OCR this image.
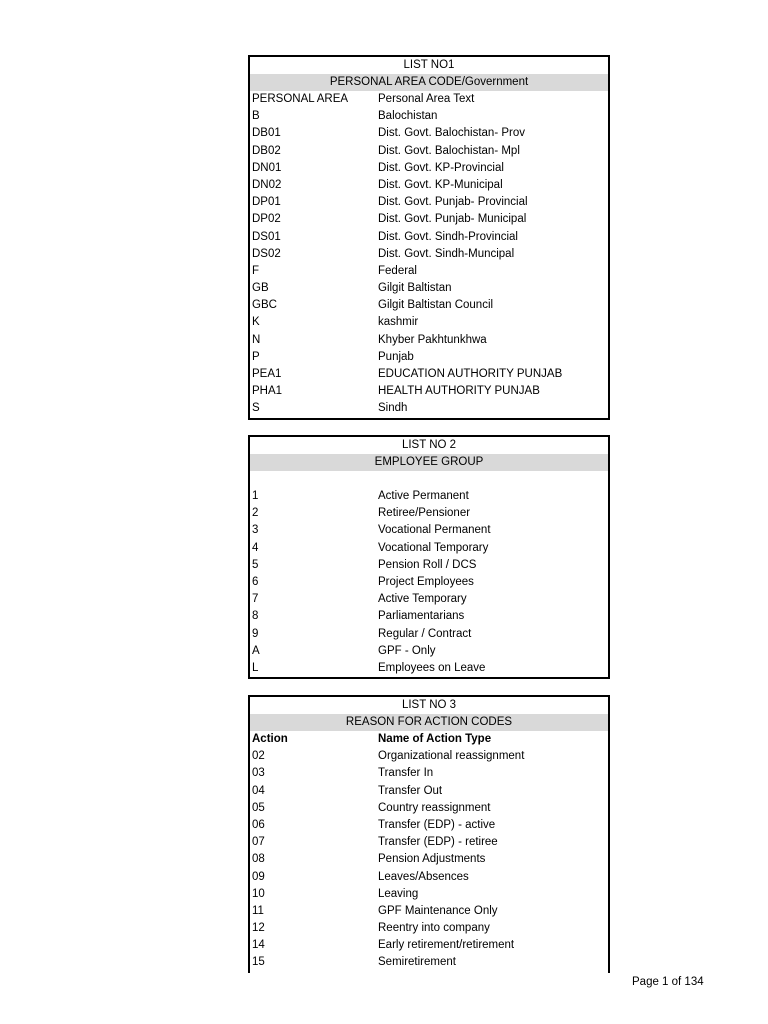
LIST NO1
PERSONAL AREA CODE/Government
PERSONAL AREA	Personal Area Text
B	Balochistan
DB01	Dist. Govt. Balochistan- Prov
DB02	Dist. Govt. Balochistan- Mpl
DN01	Dist. Govt. KP-Provincial
DN02	Dist. Govt. KP-Municipal
DP01	Dist. Govt. Punjab- Provincial
DP02	Dist. Govt. Punjab- Municipal
DS01	Dist. Govt. Sindh-Provincial
DS02	Dist. Govt. Sindh-Muncipal
F	Federal
GB	Gilgit Baltistan
GBC	Gilgit Baltistan Council
K	kashmir
N	Khyber Pakhtunkhwa
P	Punjab
PEA1	EDUCATION AUTHORITY PUNJAB
PHA1	HEALTH AUTHORITY PUNJAB
S	Sindh
LIST NO 2
EMPLOYEE GROUP
1	Active Permanent
2	Retiree/Pensioner
3	Vocational Permanent
4	Vocational Temporary
5	Pension Roll / DCS
6	Project Employees
7	Active Temporary
8	Parliamentarians
9	Regular / Contract
A	GPF - Only
L	Employees on Leave
LIST NO 3
REASON FOR ACTION CODES
Action	Name of Action Type
02	Organizational reassignment
03	Transfer In
04	Transfer Out
05	Country reassignment
06	Transfer (EDP) - active
07	Transfer (EDP) - retiree
08	Pension Adjustments
09	Leaves/Absences
10	Leaving
11	GPF Maintenance Only
12	Reentry into company
14	Early retirement/retirement
15	Semiretirement
Page 1 of 134
